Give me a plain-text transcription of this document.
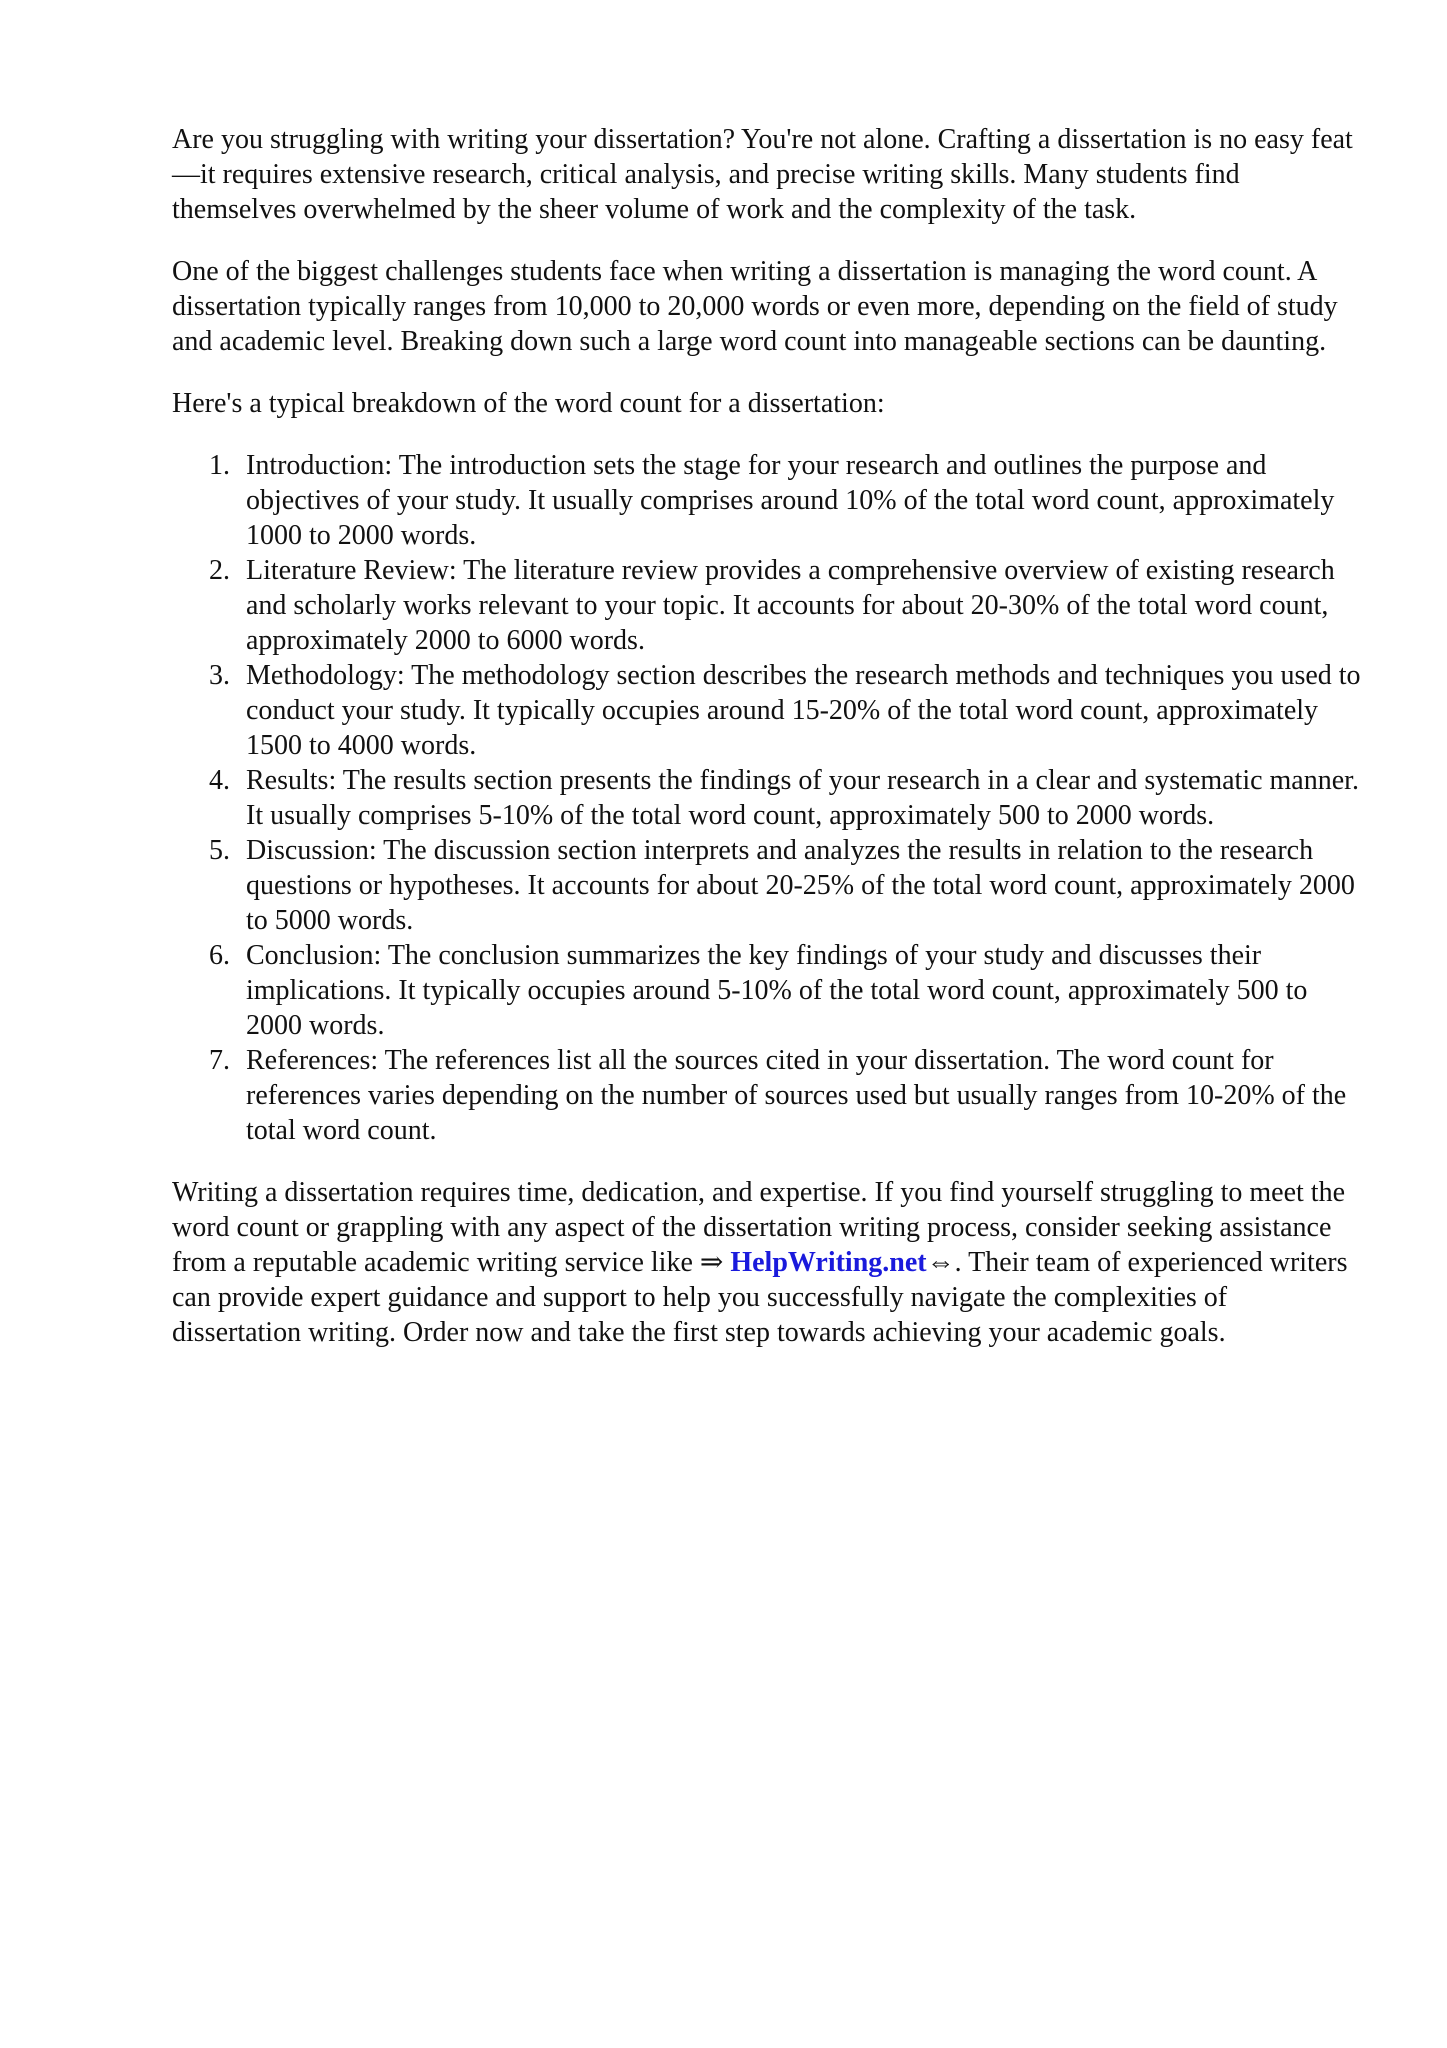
Are you struggling with writing your dissertation? You're not alone. Crafting a dissertation is no easy feat—it requires extensive research, critical analysis, and precise writing skills. Many students find themselves overwhelmed by the sheer volume of work and the complexity of the task.

One of the biggest challenges students face when writing a dissertation is managing the word count. A dissertation typically ranges from 10,000 to 20,000 words or even more, depending on the field of study and academic level. Breaking down such a large word count into manageable sections can be daunting.

Here's a typical breakdown of the word count for a dissertation:

1. Introduction: The introduction sets the stage for your research and outlines the purpose and objectives of your study. It usually comprises around 10% of the total word count, approximately 1000 to 2000 words.
2. Literature Review: The literature review provides a comprehensive overview of existing research and scholarly works relevant to your topic. It accounts for about 20-30% of the total word count, approximately 2000 to 6000 words.
3. Methodology: The methodology section describes the research methods and techniques you used to conduct your study. It typically occupies around 15-20% of the total word count, approximately 1500 to 4000 words.
4. Results: The results section presents the findings of your research in a clear and systematic manner. It usually comprises 5-10% of the total word count, approximately 500 to 2000 words.
5. Discussion: The discussion section interprets and analyzes the results in relation to the research questions or hypotheses. It accounts for about 20-25% of the total word count, approximately 2000 to 5000 words.
6. Conclusion: The conclusion summarizes the key findings of your study and discusses their implications. It typically occupies around 5-10% of the total word count, approximately 500 to 2000 words.
7. References: The references list all the sources cited in your dissertation. The word count for references varies depending on the number of sources used but usually ranges from 10-20% of the total word count.

Writing a dissertation requires time, dedication, and expertise. If you find yourself struggling to meet the word count or grappling with any aspect of the dissertation writing process, consider seeking assistance from a reputable academic writing service like ⇒ HelpWriting.net⇔. Their team of experienced writers can provide expert guidance and support to help you successfully navigate the complexities of dissertation writing. Order now and take the first step towards achieving your academic goals.
